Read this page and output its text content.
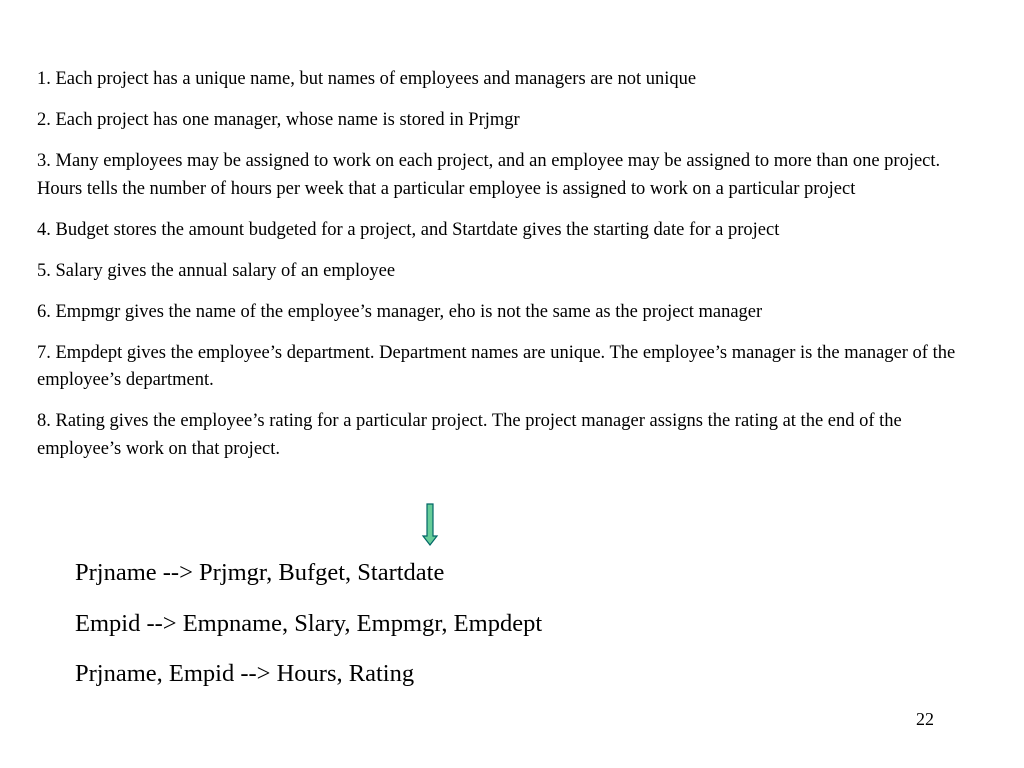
1. Each project has a unique name, but names of employees and managers are not unique
2. Each project has one manager, whose name is stored in Prjmgr
3. Many employees may be assigned to work on each project, and an employee may be assigned to more than one project. Hours tells the number of hours per week that a particular employee is assigned to work on a particular project
4. Budget stores the amount budgeted for a project, and Startdate gives the starting date for a project
5. Salary gives the annual salary of an employee
6. Empmgr gives the name of the employee’s manager, eho is not the same as the project manager
7. Empdept gives the employee’s department. Department names are unique. The employee’s manager is the manager of the employee’s department.
8. Rating gives the employee’s rating for a particular project. The project manager assigns the rating at the end of the employee’s work on that project.
Prjname --> Prjmgr, Bufget, Startdate
Empid --> Empname, Slary, Empmgr, Empdept
Prjname, Empid --> Hours, Rating
22
